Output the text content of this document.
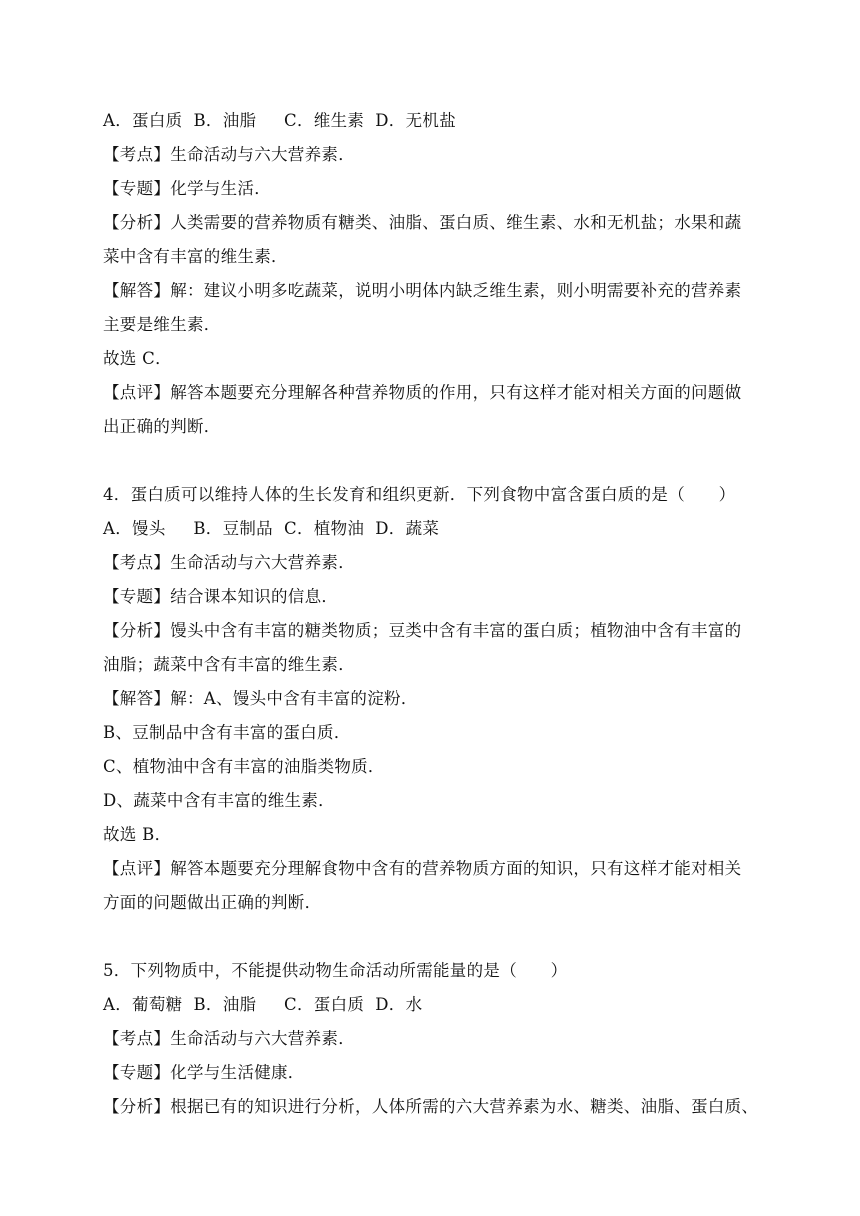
A．蛋白质  B．油脂     C．维生素  D．无机盐
【考点】生命活动与六大营养素．
【专题】化学与生活．
【分析】人类需要的营养物质有糖类、油脂、蛋白质、维生素、水和无机盐；水果和蔬
菜中含有丰富的维生素．
【解答】解：建议小明多吃蔬菜，说明小明体内缺乏维生素，则小明需要补充的营养素
主要是维生素．
故选 C．
【点评】解答本题要充分理解各种营养物质的作用，只有这样才能对相关方面的问题做
出正确的判断．
4．蛋白质可以维持人体的生长发育和组织更新．下列食物中富含蛋白质的是（　　）
A．馒头     B．豆制品  C．植物油  D．蔬菜
【考点】生命活动与六大营养素．
【专题】结合课本知识的信息．
【分析】馒头中含有丰富的糖类物质；豆类中含有丰富的蛋白质；植物油中含有丰富的
油脂；蔬菜中含有丰富的维生素．
【解答】解：A、馒头中含有丰富的淀粉．
B、豆制品中含有丰富的蛋白质．
C、植物油中含有丰富的油脂类物质．
D、蔬菜中含有丰富的维生素．
故选 B．
【点评】解答本题要充分理解食物中含有的营养物质方面的知识，只有这样才能对相关
方面的问题做出正确的判断．
5．下列物质中，不能提供动物生命活动所需能量的是（　　）
A．葡萄糖  B．油脂     C．蛋白质  D．水
【考点】生命活动与六大营养素．
【专题】化学与生活健康．
【分析】根据已有的知识进行分析，人体所需的六大营养素为水、糖类、油脂、蛋白质、
